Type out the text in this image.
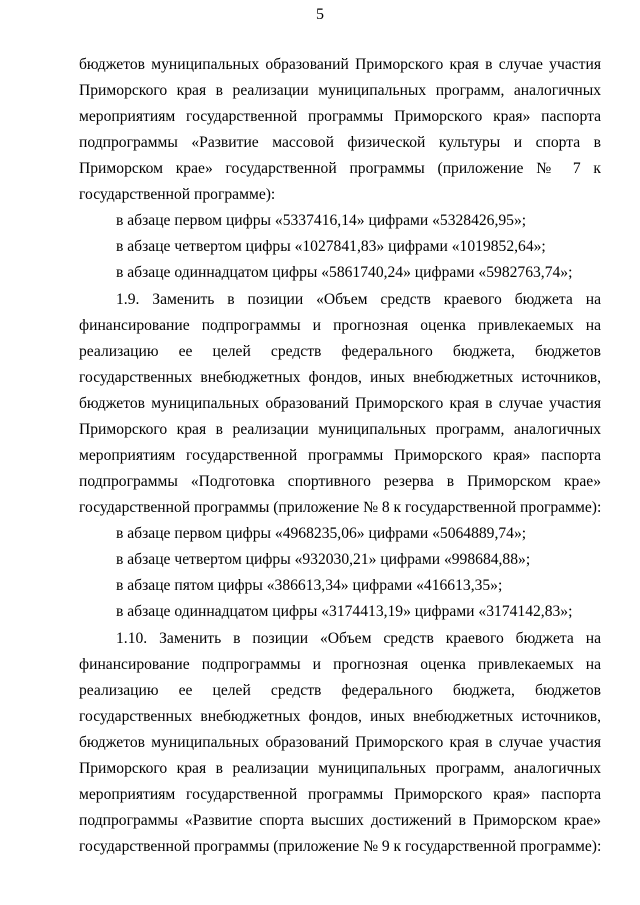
5
бюджетов муниципальных образований Приморского края в случае участия
Приморского края в реализации муниципальных программ, аналогичных
мероприятиям государственной программы Приморского края» паспорта
подпрограммы «Развитие массовой физической культуры и спорта в
Приморском крае» государственной программы (приложение № 7 к
государственной программе):
в абзаце первом цифры «5337416,14» цифрами «5328426,95»;
в абзаце четвертом цифры «1027841,83» цифрами «1019852,64»;
в абзаце одиннадцатом цифры «5861740,24» цифрами «5982763,74»;
1.9. Заменить в позиции «Объем средств краевого бюджета на
финансирование подпрограммы и прогнозная оценка привлекаемых на
реализацию ее целей средств федерального бюджета, бюджетов
государственных внебюджетных фондов, иных внебюджетных источников,
бюджетов муниципальных образований Приморского края в случае участия
Приморского края в реализации муниципальных программ, аналогичных
мероприятиям государственной программы Приморского края» паспорта
подпрограммы «Подготовка спортивного резерва в Приморском крае»
государственной программы (приложение № 8 к государственной программе):
в абзаце первом цифры «4968235,06» цифрами «5064889,74»;
в абзаце четвертом цифры «932030,21» цифрами «998684,88»;
в абзаце пятом цифры «386613,34» цифрами «416613,35»;
в абзаце одиннадцатом цифры «3174413,19» цифрами «3174142,83»;
1.10. Заменить в позиции «Объем средств краевого бюджета на
финансирование подпрограммы и прогнозная оценка привлекаемых на
реализацию ее целей средств федерального бюджета, бюджетов
государственных внебюджетных фондов, иных внебюджетных источников,
бюджетов муниципальных образований Приморского края в случае участия
Приморского края в реализации муниципальных программ, аналогичных
мероприятиям государственной программы Приморского края» паспорта
подпрограммы «Развитие спорта высших достижений в Приморском крае»
государственной программы (приложение № 9 к государственной программе):
